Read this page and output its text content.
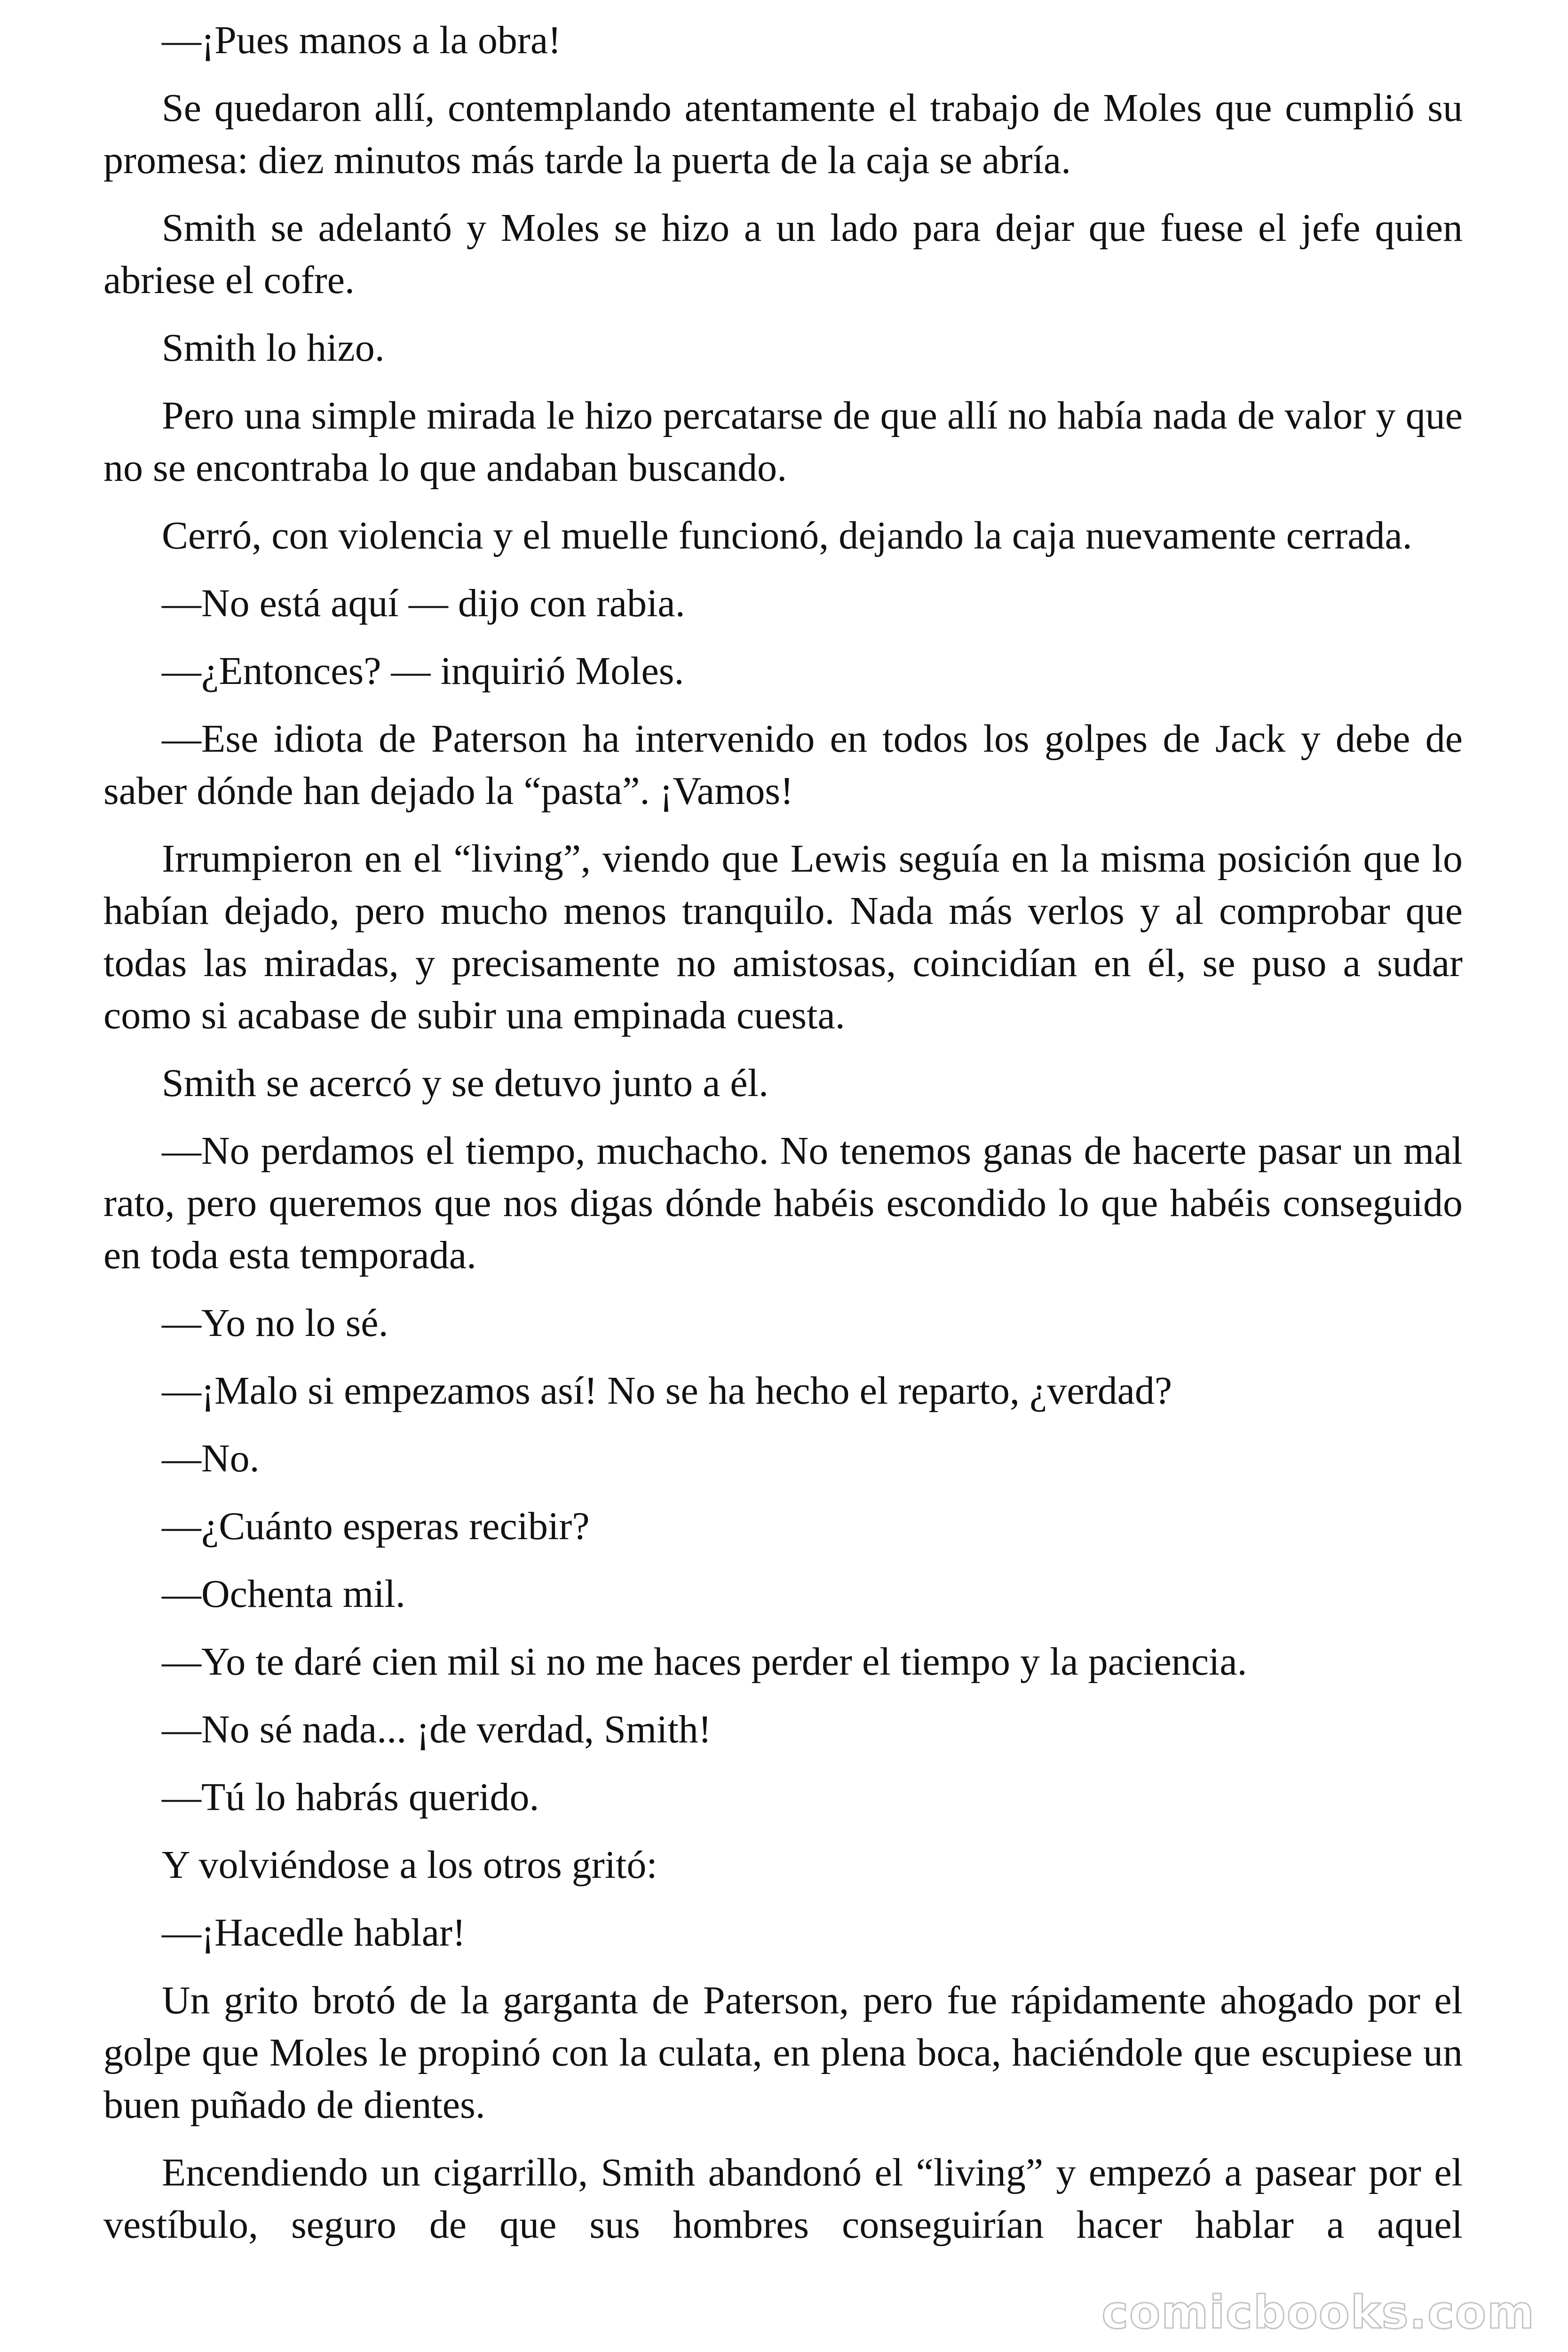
—¡Pues manos a la obra!

Se quedaron allí, contemplando atentamente el trabajo de Moles que cumplió su promesa: diez minutos más tarde la puerta de la caja se abría.

Smith se adelantó y Moles se hizo a un lado para dejar que fuese el jefe quien abriese el cofre.

Smith lo hizo.

Pero una simple mirada le hizo percatarse de que allí no había nada de valor y que no se encontraba lo que andaban buscando.

Cerró, con violencia y el muelle funcionó, dejando la caja nuevamente cerrada.

—No está aquí — dijo con rabia.

—¿Entonces? — inquirió Moles.

—Ese idiota de Paterson ha intervenido en todos los golpes de Jack y debe de saber dónde han dejado la “pasta”. ¡Vamos!

Irrumpieron en el “living”, viendo que Lewis seguía en la misma posición que lo habían dejado, pero mucho menos tranquilo. Nada más verlos y al comprobar que todas las miradas, y precisamente no amistosas, coincidían en él, se puso a sudar como si acabase de subir una empinada cuesta.

Smith se acercó y se detuvo junto a él.

—No perdamos el tiempo, muchacho. No tenemos ganas de hacerte pasar un mal rato, pero queremos que nos digas dónde habéis escondido lo que habéis conseguido en toda esta temporada.

—Yo no lo sé.

—¡Malo si empezamos así! No se ha hecho el reparto, ¿verdad?

—No.

—¿Cuánto esperas recibir?

—Ochenta mil.

—Yo te daré cien mil si no me haces perder el tiempo y la paciencia.

—No sé nada... ¡de verdad, Smith!

—Tú lo habrás querido.

Y volviéndose a los otros gritó:

—¡Hacedle hablar!

Un grito brotó de la garganta de Paterson, pero fue rápidamente ahogado por el golpe que Moles le propinó con la culata, en plena boca, haciéndole que escupiese un buen puñado de dientes.

Encendiendo un cigarrillo, Smith abandonó el “living” y empezó a pasear por el vestíbulo, seguro de que sus hombres conseguirían hacer hablar a aquel

comicbooks.com
